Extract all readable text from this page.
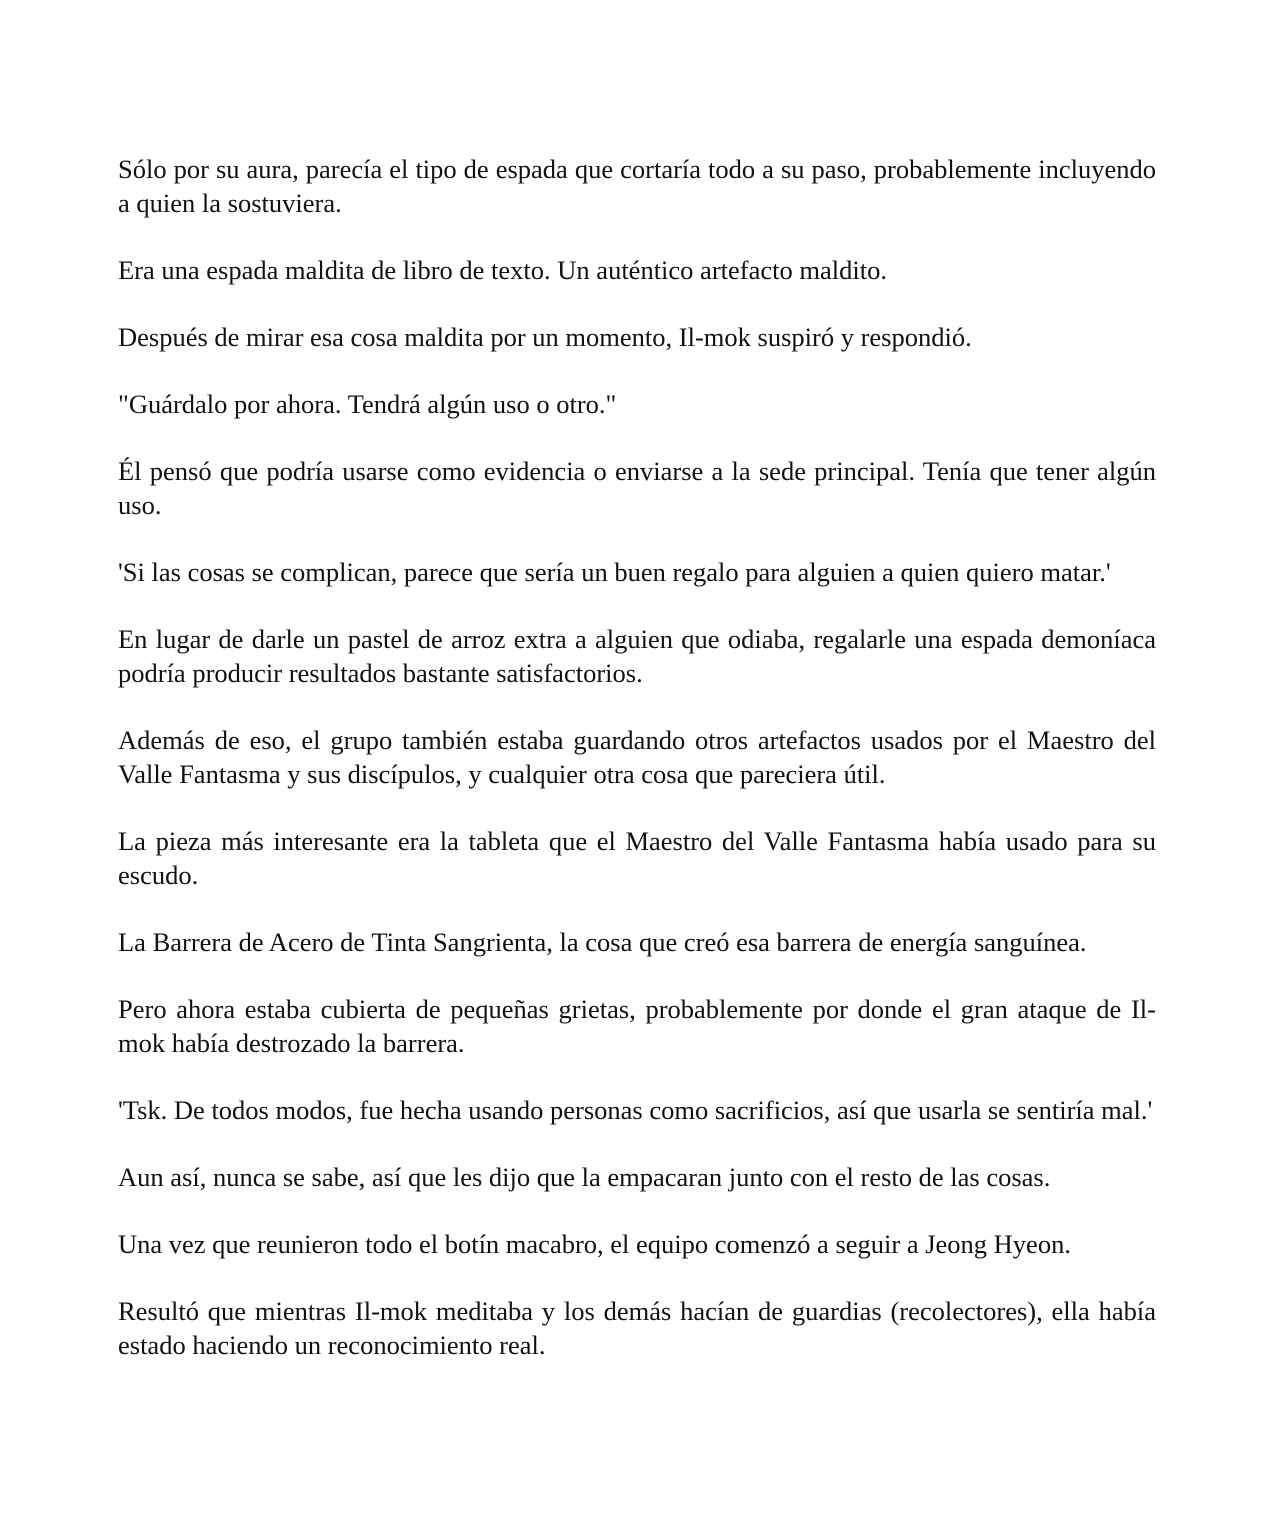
Sólo por su aura, parecía el tipo de espada que cortaría todo a su paso, probablemente incluyendo a quien la sostuviera.

Era una espada maldita de libro de texto. Un auténtico artefacto maldito.

Después de mirar esa cosa maldita por un momento, Il-mok suspiró y respondió.

"Guárdalo por ahora. Tendrá algún uso o otro."

Él pensó que podría usarse como evidencia o enviarse a la sede principal. Tenía que tener algún uso.

'Si las cosas se complican, parece que sería un buen regalo para alguien a quien quiero matar.'

En lugar de darle un pastel de arroz extra a alguien que odiaba, regalarle una espada demoníaca podría producir resultados bastante satisfactorios.

Además de eso, el grupo también estaba guardando otros artefactos usados por el Maestro del Valle Fantasma y sus discípulos, y cualquier otra cosa que pareciera útil.

La pieza más interesante era la tableta que el Maestro del Valle Fantasma había usado para su escudo.

La Barrera de Acero de Tinta Sangrienta, la cosa que creó esa barrera de energía sanguínea.

Pero ahora estaba cubierta de pequeñas grietas, probablemente por donde el gran ataque de Il-mok había destrozado la barrera.

'Tsk. De todos modos, fue hecha usando personas como sacrificios, así que usarla se sentiría mal.'

Aun así, nunca se sabe, así que les dijo que la empacaran junto con el resto de las cosas.

Una vez que reunieron todo el botín macabro, el equipo comenzó a seguir a Jeong Hyeon.

Resultó que mientras Il-mok meditaba y los demás hacían de guardias (recolectores), ella había estado haciendo un reconocimiento real.
